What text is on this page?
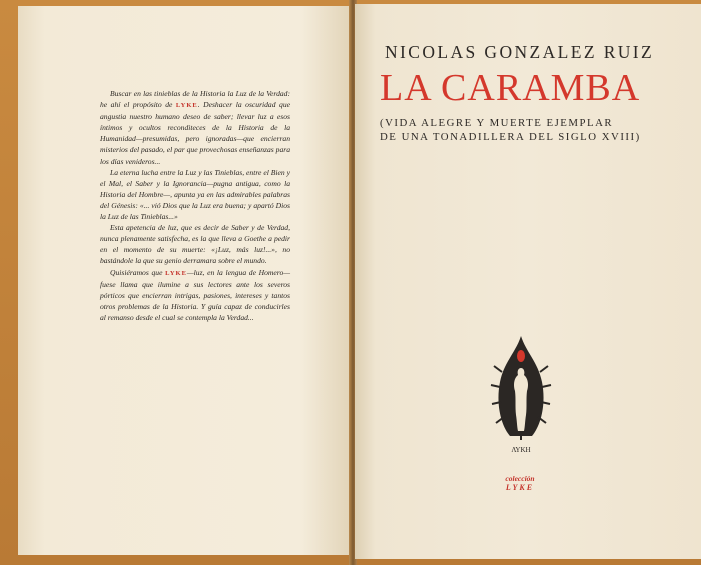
Buscar en las tinieblas de la Historia la Luz de la Verdad: he ahí el propósito de LYKE. Deshacer la oscuridad que angustia nuestro humano deseo de saber; llevar luz a esos íntimos y ocultos reconditeces de la Historia de la Humanidad—presumidas, pero ignoradas—que encierran misterios del pasado, el par que provechosas enseñanzas para los días venideros...

La eterna lucha entre la Luz y las Tinieblas, entre el Bien y el Mal, el Saber y la Ignorancia—pugna antigua, como la Historia del Hombre—, apunta ya en las admirables palabras del Génesis: «... vió Dios que la Luz era buena; y apartó Dios la Luz de las Tinieblas...»

Esta apetencia de luz, que es decir de Saber y de Verdad, nunca plenamente satisfecha, es la que lleva a Goethe a pedir en el momento de su muerte: «¡Luz, más luz!...», no bastándole la que su genio derramara sobre el mundo.

Quisiéramos que LYKE—luz, en la lengua de Homero—fuese llama que ilumine a sus lectores ante los severos pórticos que encierran intrigas, pasiones, intereses y tantos otros problemas de la Historia. Y guía capaz de conducirles al remanso desde el cual se contempla la Verdad...

NICOLAS GONZALEZ RUIZ
LA CARAMBA
(VIDA ALEGRE Y MUERTE EJEMPLAR
DE UNA TONADILLERA DEL SIGLO XVIII)
ΛΥΚΗ
colección
LYKE
